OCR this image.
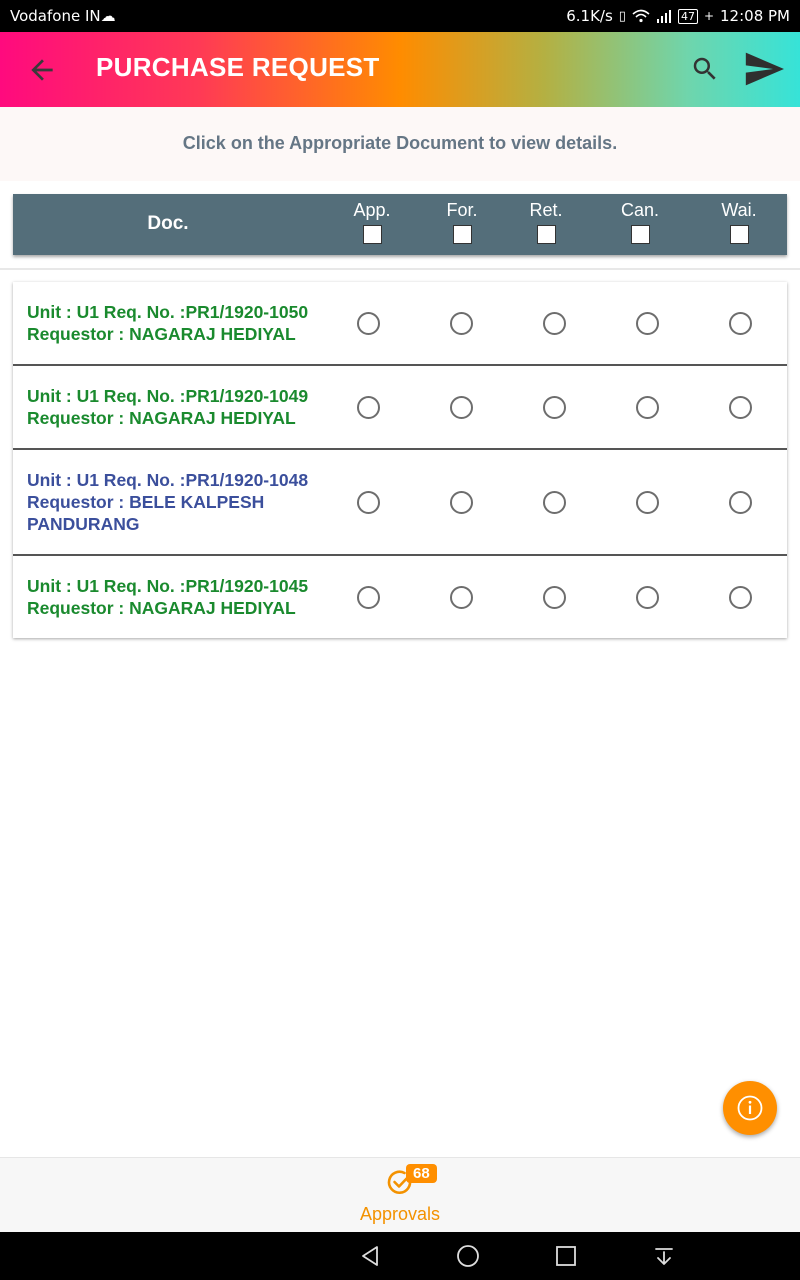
Vodafone IN☁	6.1K/s ▯	47 + 12:08 PM
PURCHASE REQUEST
Click on the Appropriate Document to view details.
Doc.
App.	For.	Ret.	Can.	Wai.
Unit : U1 Req. No. :PR1/1920-1050
Requestor : NAGARAJ HEDIYAL
Unit : U1 Req. No. :PR1/1920-1049
Requestor : NAGARAJ HEDIYAL
Unit : U1 Req. No. :PR1/1920-1048
Requestor : BELE KALPESH PANDURANG
Unit : U1 Req. No. :PR1/1920-1045
Requestor : NAGARAJ HEDIYAL
68
Approvals
